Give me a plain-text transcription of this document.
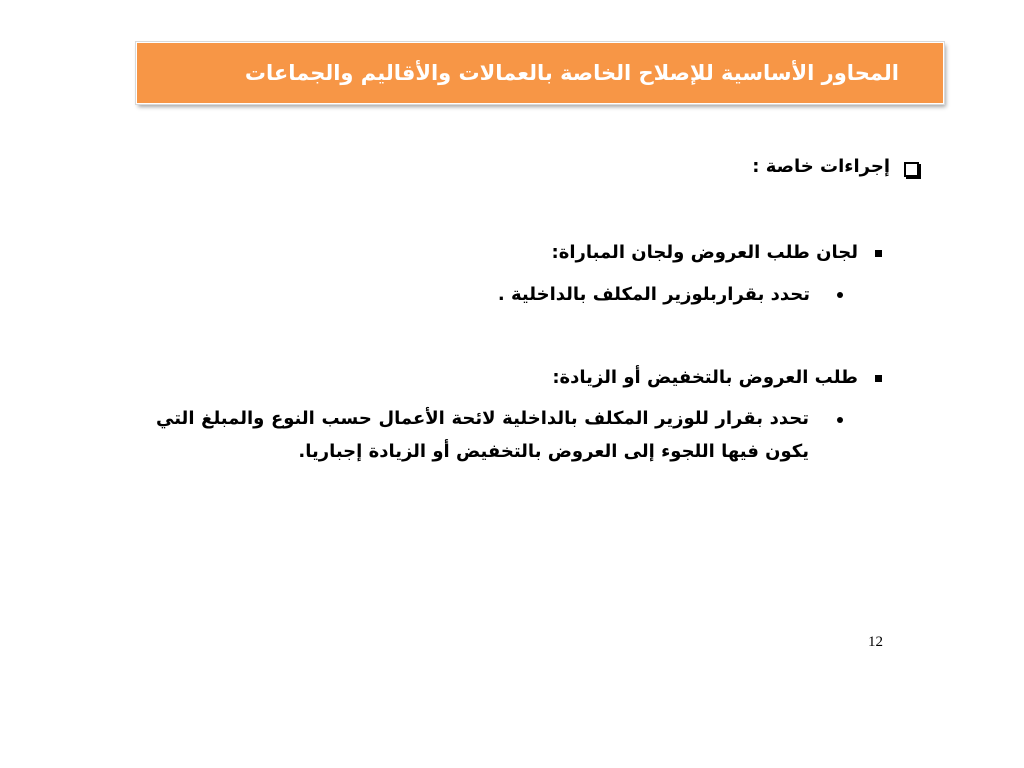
المحاور الأساسية للإصلاح الخاصة بالعمالات والأقاليم والجماعات
إجراءات خاصة :
لجان طلب العروض ولجان المباراة:
تحدد بقراربلوزير المكلف بالداخلية .
طلب العروض بالتخفيض أو الزيادة:
تحدد بقرار للوزير المكلف بالداخلية لائحة الأعمال حسب النوع والمبلغ التي يكون فيها اللجوء إلى العروض بالتخفيض أو الزيادة إجباريا.
12
